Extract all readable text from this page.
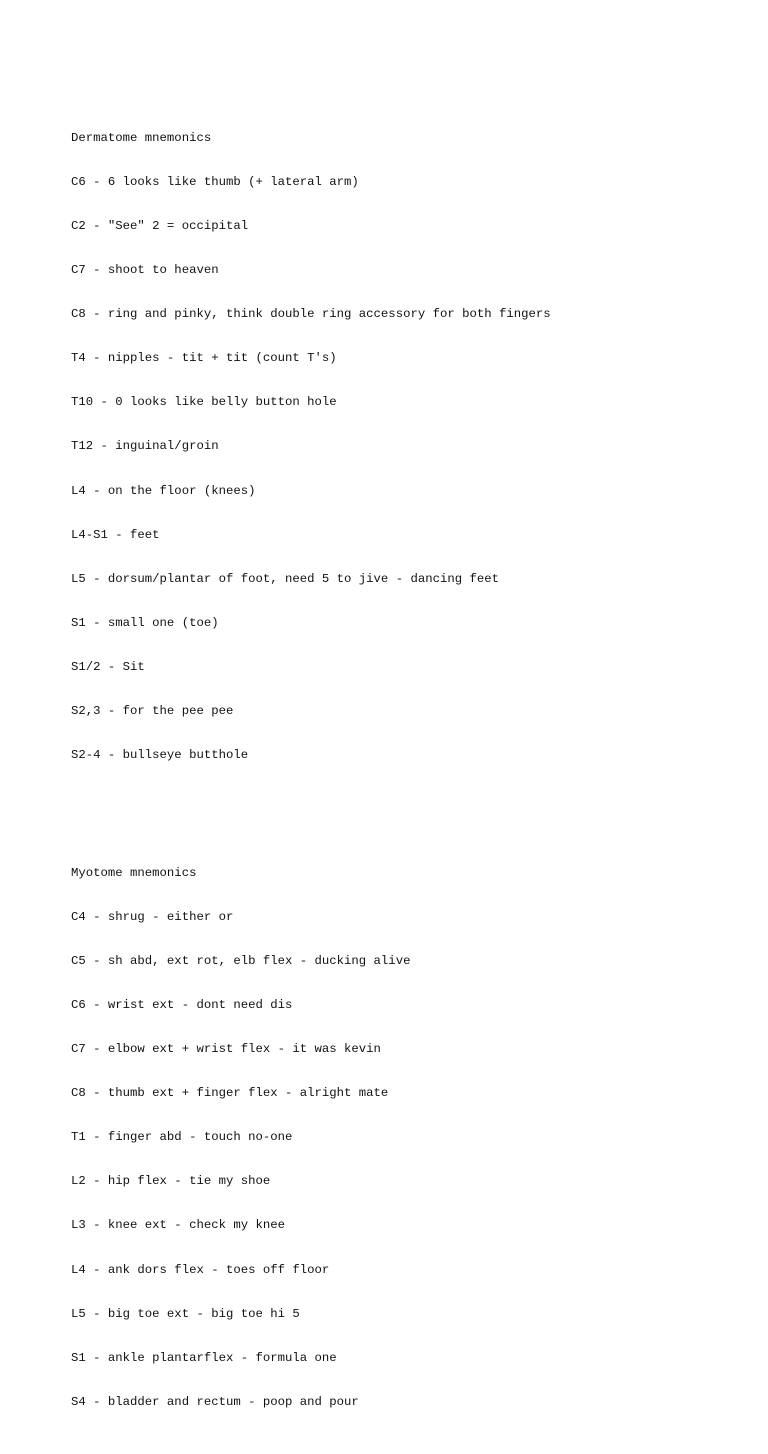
Dermatome mnemonics

C6 - 6 looks like thumb (+ lateral arm)

C2 - "See" 2 = occipital

C7 - shoot to heaven

C8 - ring and pinky, think double ring accessory for both fingers

T4 - nipples - tit + tit (count T's)

T10 - 0 looks like belly button hole

T12 - inguinal/groin

L4 - on the floor (knees)

L4-S1 - feet

L5 - dorsum/plantar of foot, need 5 to jive - dancing feet

S1 - small one (toe)

S1/2 - Sit

S2,3 - for the pee pee

S2-4 - bullseye butthole

Myotome mnemonics

C4 - shrug - either or

C5 - sh abd, ext rot, elb flex - ducking alive

C6 - wrist ext - dont need dis

C7 - elbow ext + wrist flex - it was kevin

C8 - thumb ext + finger flex - alright mate

T1 - finger abd - touch no-one

L2 - hip flex - tie my shoe

L3 - knee ext - check my knee

L4 - ank dors flex - toes off floor

L5 - big toe ext - big toe hi 5

S1 - ankle plantarflex - formula one

S4 - bladder and rectum - poop and pour
